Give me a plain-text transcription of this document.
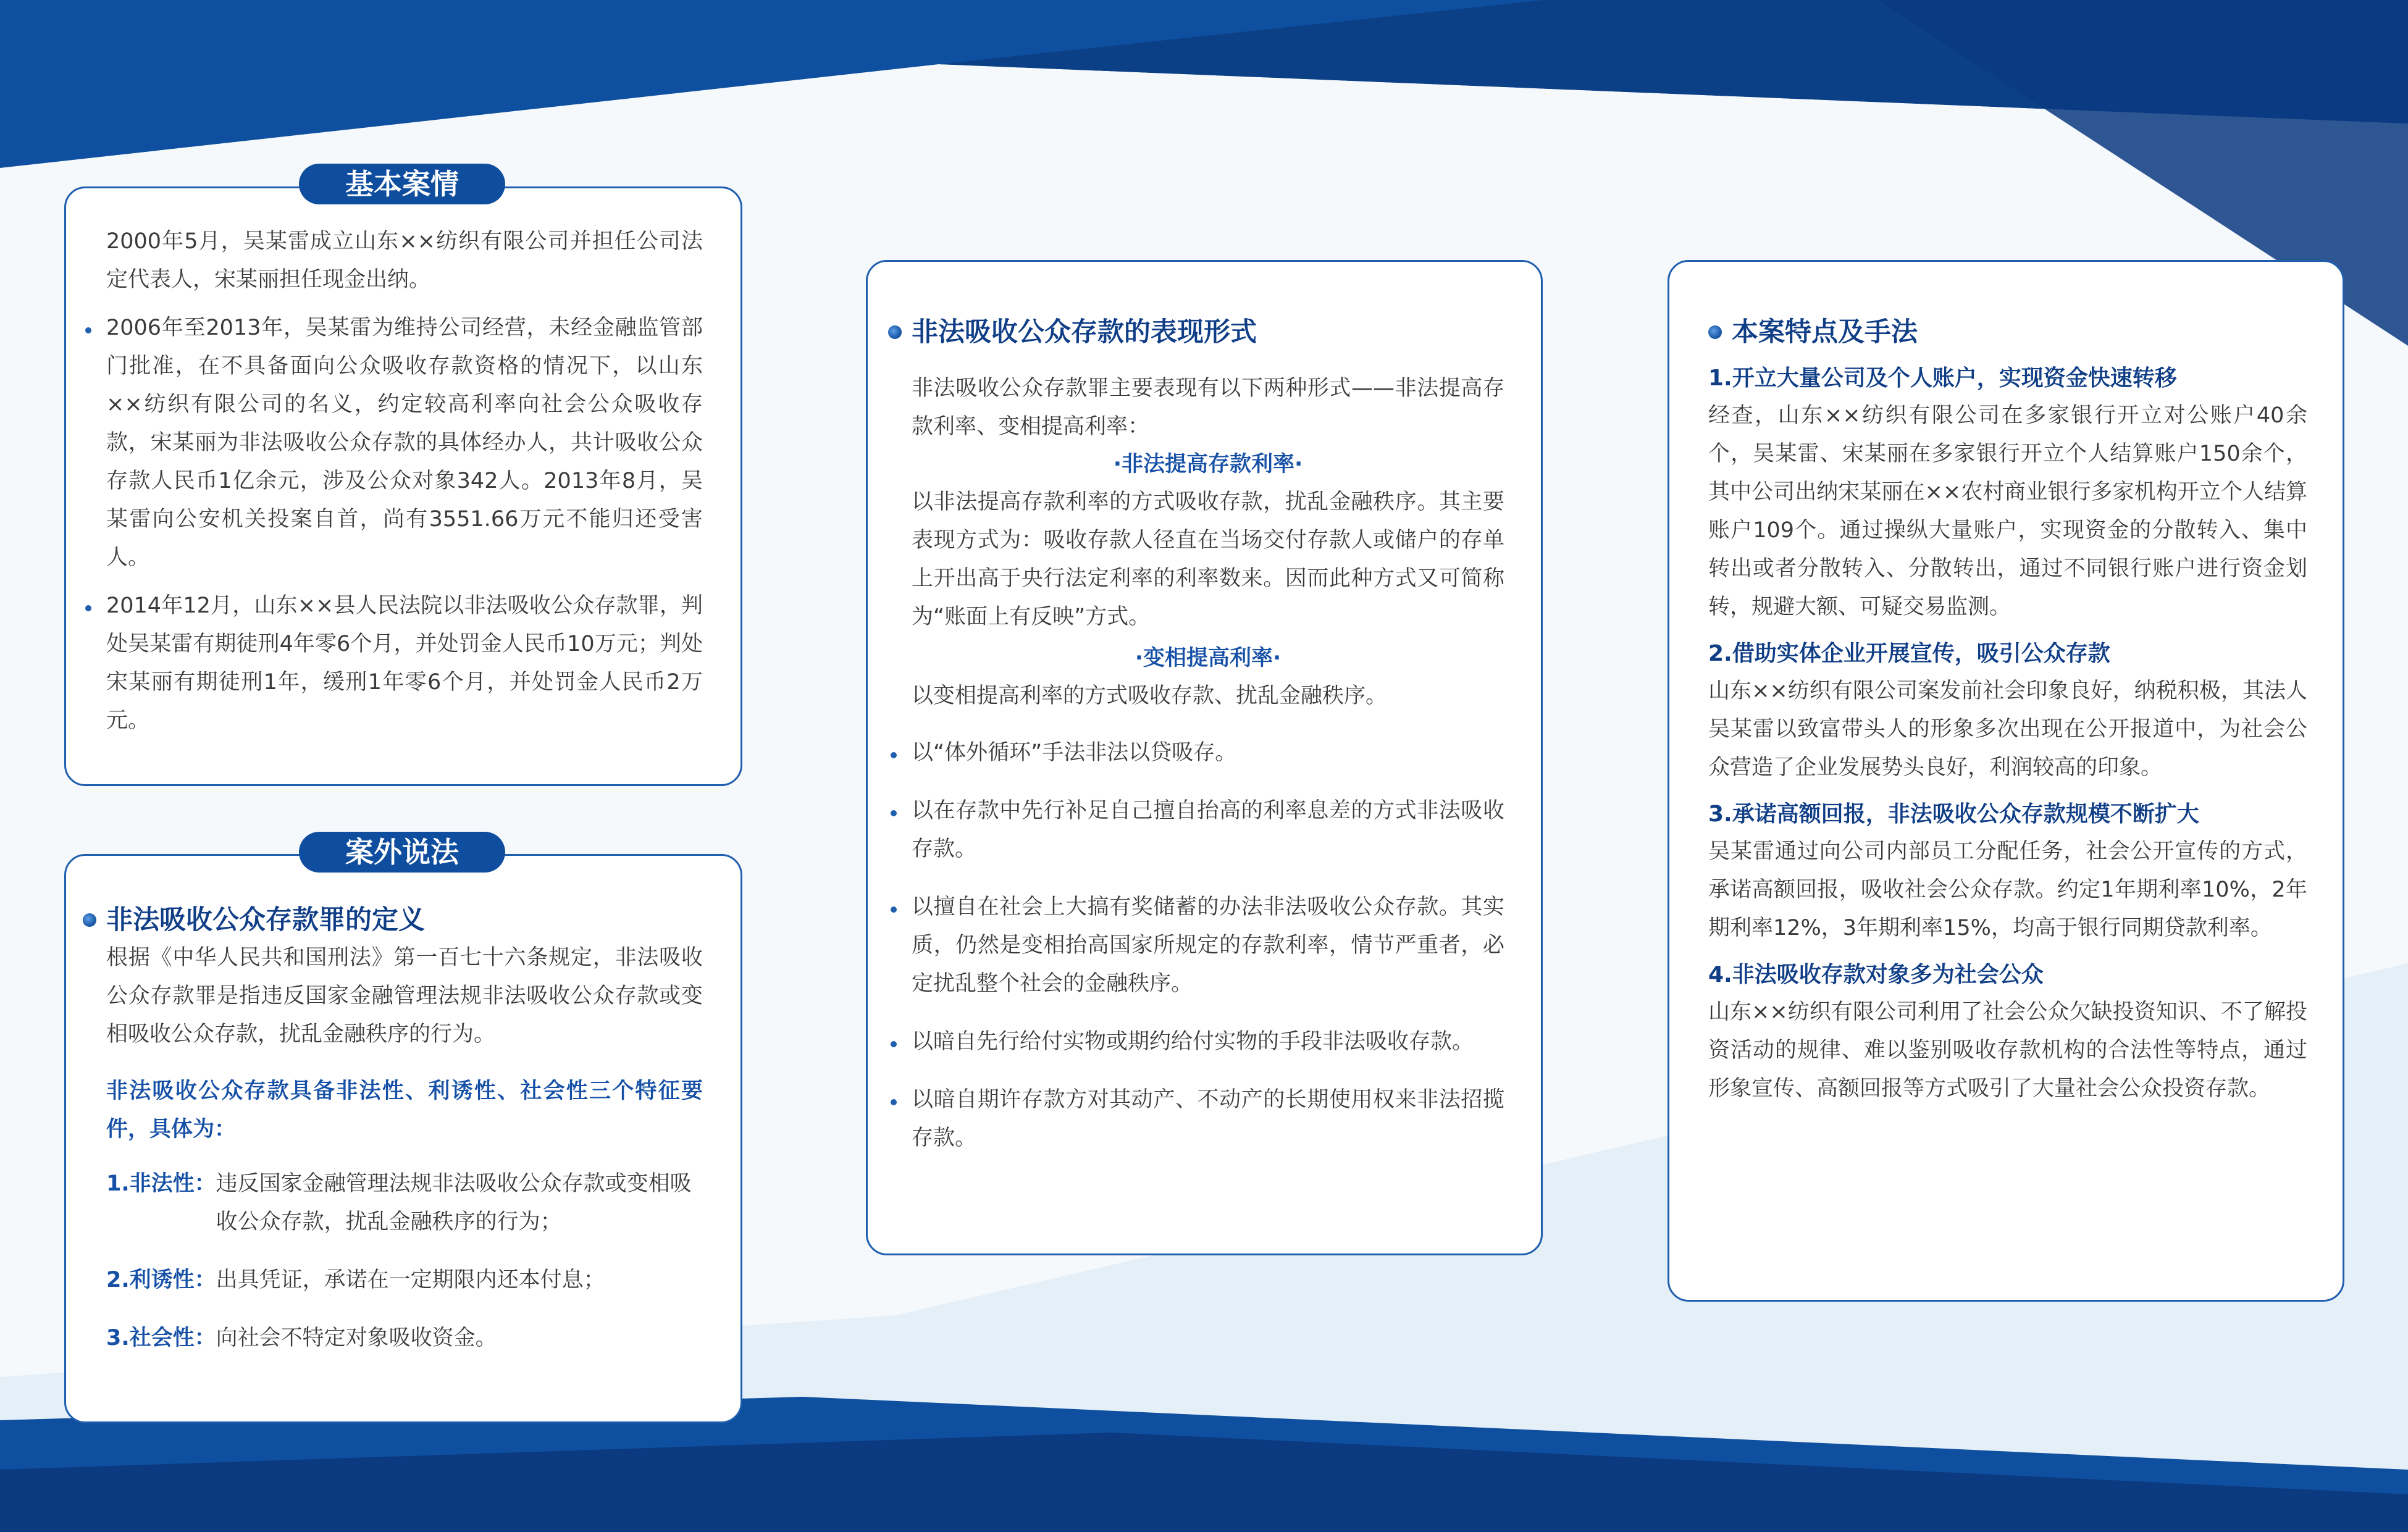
基本案情

2000年5月，吴某雷成立山东××纺织有限公司并担任公司法定代表人，宋某丽担任现金出纳。

2006年至2013年，吴某雷为维持公司经营，未经金融监管部门批准，在不具备面向公众吸收存款资格的情况下，以山东××纺织有限公司的名义，约定较高利率向社会公众吸收存款，宋某丽为非法吸收公众存款的具体经办人，共计吸收公众存款人民币1亿余元，涉及公众对象342人。2013年8月，吴某雷向公安机关投案自首，尚有3551.66万元不能归还受害人。
2014年12月，山东××县人民法院以非法吸收公众存款罪，判处吴某雷有期徒刑4年零6个月，并处罚金人民币10万元；判处宋某丽有期徒刑1年，缓刑1年零6个月，并处罚金人民币2万元。
案外说法
非法吸收公众存款罪的定义

根据《中华人民共和国刑法》第一百七十六条规定，非法吸收公众存款罪是指违反国家金融管理法规非法吸收公众存款或变相吸收公众存款，扰乱金融秩序的行为。

非法吸收公众存款具备非法性、利诱性、社会性三个特征要件，具体为：

1.非法性： 违反国家金融管理法规非法吸收公众存款或变相吸收公众存款，扰乱金融秩序的行为；
2.利诱性： 出具凭证，承诺在一定期限内还本付息；
3.社会性： 向社会不特定对象吸收资金。
非法吸收公众存款的表现形式

非法吸收公众存款罪主要表现有以下两种形式——非法提高存款利率、变相提高利率：

·非法提高存款利率·

以非法提高存款利率的方式吸收存款，扰乱金融秩序。其主要表现方式为：吸收存款人径直在当场交付存款人或储户的存单上开出高于央行法定利率的利率数来。因而此种方式又可简称为“账面上有反映”方式。

·变相提高利率·

以变相提高利率的方式吸收存款、扰乱金融秩序。

以“体外循环”手法非法以贷吸存。
以在存款中先行补足自己擅自抬高的利率息差的方式非法吸收存款。
以擅自在社会上大搞有奖储蓄的办法非法吸收公众存款。其实质，仍然是变相抬高国家所规定的存款利率，情节严重者，必定扰乱整个社会的金融秩序。
以暗自先行给付实物或期约给付实物的手段非法吸收存款。
以暗自期许存款方对其动产、不动产的长期使用权来非法招揽存款。
本案特点及手法

1.开立大量公司及个人账户，实现资金快速转移

经查，山东××纺织有限公司在多家银行开立对公账户40余个，吴某雷、宋某丽在多家银行开立个人结算账户150余个，其中公司出纳宋某丽在××农村商业银行多家机构开立个人结算账户109个。通过操纵大量账户，实现资金的分散转入、集中转出或者分散转入、分散转出，通过不同银行账户进行资金划转，规避大额、可疑交易监测。

2.借助实体企业开展宣传，吸引公众存款

山东××纺织有限公司案发前社会印象良好，纳税积极，其法人吴某雷以致富带头人的形象多次出现在公开报道中，为社会公众营造了企业发展势头良好，利润较高的印象。

3.承诺高额回报，非法吸收公众存款规模不断扩大

吴某雷通过向公司内部员工分配任务，社会公开宣传的方式，承诺高额回报，吸收社会公众存款。约定1年期利率10%，2年期利率12%，3年期利率15%，均高于银行同期贷款利率。

4.非法吸收存款对象多为社会公众

山东××纺织有限公司利用了社会公众欠缺投资知识、不了解投资活动的规律、难以鉴别吸收存款机构的合法性等特点，通过形象宣传、高额回报等方式吸引了大量社会公众投资存款。
